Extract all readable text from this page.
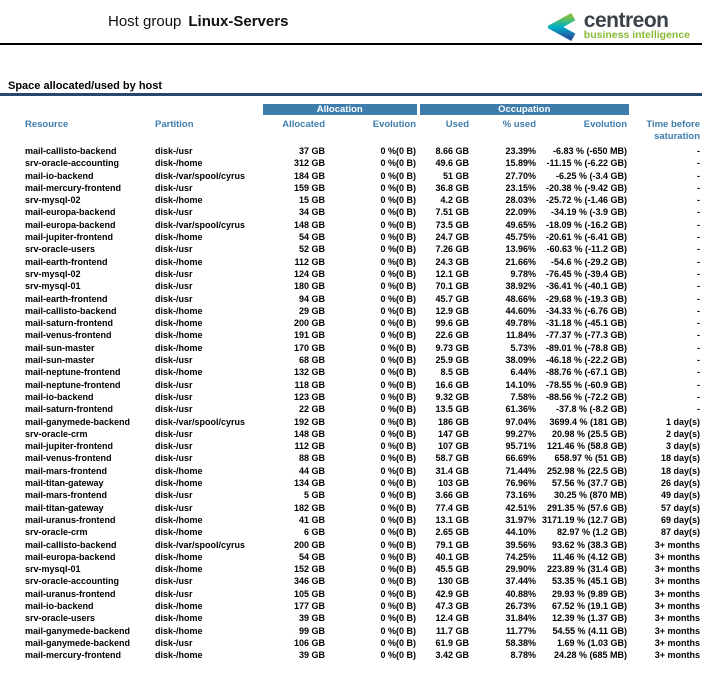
Host group Linux-Servers	centreon
business intelligence
Space allocated/used by host
		Allocation		Occupation			
Resource	Partition	Allocated	Evolution	Used	% used	Evolution	Time before saturation
mail-callisto-backend	disk-/usr	37 GB	0 %(0 B)	8.66 GB	23.39%	-6.83 % (-650 MB)	-
srv-oracle-accounting	disk-/home	312 GB	0 %(0 B)	49.6 GB	15.89%	-11.15 % (-6.22 GB)	-
mail-io-backend	disk-/var/spool/cyrus	184 GB	0 %(0 B)	51 GB	27.70%	-6.25 % (-3.4 GB)	-
mail-mercury-frontend	disk-/usr	159 GB	0 %(0 B)	36.8 GB	23.15%	-20.38 % (-9.42 GB)	-
srv-mysql-02	disk-/home	15 GB	0 %(0 B)	4.2 GB	28.03%	-25.72 % (-1.46 GB)	-
mail-europa-backend	disk-/usr	34 GB	0 %(0 B)	7.51 GB	22.09%	-34.19 % (-3.9 GB)	-
mail-europa-backend	disk-/var/spool/cyrus	148 GB	0 %(0 B)	73.5 GB	49.65%	-18.09 % (-16.2 GB)	-
mail-jupiter-frontend	disk-/home	54 GB	0 %(0 B)	24.7 GB	45.75%	-20.61 % (-6.41 GB)	-
srv-oracle-users	disk-/usr	52 GB	0 %(0 B)	7.26 GB	13.96%	-60.63 % (-11.2 GB)	-
mail-earth-frontend	disk-/home	112 GB	0 %(0 B)	24.3 GB	21.66%	-54.6 % (-29.2 GB)	-
srv-mysql-02	disk-/usr	124 GB	0 %(0 B)	12.1 GB	9.78%	-76.45 % (-39.4 GB)	-
srv-mysql-01	disk-/usr	180 GB	0 %(0 B)	70.1 GB	38.92%	-36.41 % (-40.1 GB)	-
mail-earth-frontend	disk-/usr	94 GB	0 %(0 B)	45.7 GB	48.66%	-29.68 % (-19.3 GB)	-
mail-callisto-backend	disk-/home	29 GB	0 %(0 B)	12.9 GB	44.60%	-34.33 % (-6.76 GB)	-
mail-saturn-frontend	disk-/home	200 GB	0 %(0 B)	99.6 GB	49.78%	-31.18 % (-45.1 GB)	-
mail-venus-frontend	disk-/home	191 GB	0 %(0 B)	22.6 GB	11.84%	-77.37 % (-77.3 GB)	-
mail-sun-master	disk-/home	170 GB	0 %(0 B)	9.73 GB	5.73%	-89.01 % (-78.8 GB)	-
mail-sun-master	disk-/usr	68 GB	0 %(0 B)	25.9 GB	38.09%	-46.18 % (-22.2 GB)	-
mail-neptune-frontend	disk-/home	132 GB	0 %(0 B)	8.5 GB	6.44%	-88.76 % (-67.1 GB)	-
mail-neptune-frontend	disk-/usr	118 GB	0 %(0 B)	16.6 GB	14.10%	-78.55 % (-60.9 GB)	-
mail-io-backend	disk-/usr	123 GB	0 %(0 B)	9.32 GB	7.58%	-88.56 % (-72.2 GB)	-
mail-saturn-frontend	disk-/usr	22 GB	0 %(0 B)	13.5 GB	61.36%	-37.8 % (-8.2 GB)	-
mail-ganymede-backend	disk-/var/spool/cyrus	192 GB	0 %(0 B)	186 GB	97.04%	3699.4 % (181 GB)	1 day(s)
srv-oracle-crm	disk-/usr	148 GB	0 %(0 B)	147 GB	99.27%	20.98 % (25.5 GB)	2 day(s)
mail-jupiter-frontend	disk-/usr	112 GB	0 %(0 B)	107 GB	95.71%	121.46 % (58.8 GB)	3 day(s)
mail-venus-frontend	disk-/usr	88 GB	0 %(0 B)	58.7 GB	66.69%	658.97 % (51 GB)	18 day(s)
mail-mars-frontend	disk-/home	44 GB	0 %(0 B)	31.4 GB	71.44%	252.98 % (22.5 GB)	18 day(s)
mail-titan-gateway	disk-/home	134 GB	0 %(0 B)	103 GB	76.96%	57.56 % (37.7 GB)	26 day(s)
mail-mars-frontend	disk-/usr	5 GB	0 %(0 B)	3.66 GB	73.16%	30.25 % (870 MB)	49 day(s)
mail-titan-gateway	disk-/usr	182 GB	0 %(0 B)	77.4 GB	42.51%	291.35 % (57.6 GB)	57 day(s)
mail-uranus-frontend	disk-/home	41 GB	0 %(0 B)	13.1 GB	31.97%	3171.19 % (12.7 GB)	69 day(s)
srv-oracle-crm	disk-/home	6 GB	0 %(0 B)	2.65 GB	44.10%	82.97 % (1.2 GB)	87 day(s)
mail-callisto-backend	disk-/var/spool/cyrus	200 GB	0 %(0 B)	79.1 GB	39.56%	93.62 % (38.3 GB)	3+ months
mail-europa-backend	disk-/home	54 GB	0 %(0 B)	40.1 GB	74.25%	11.46 % (4.12 GB)	3+ months
srv-mysql-01	disk-/home	152 GB	0 %(0 B)	45.5 GB	29.90%	223.89 % (31.4 GB)	3+ months
srv-oracle-accounting	disk-/usr	346 GB	0 %(0 B)	130 GB	37.44%	53.35 % (45.1 GB)	3+ months
mail-uranus-frontend	disk-/usr	105 GB	0 %(0 B)	42.9 GB	40.88%	29.93 % (9.89 GB)	3+ months
mail-io-backend	disk-/home	177 GB	0 %(0 B)	47.3 GB	26.73%	67.52 % (19.1 GB)	3+ months
srv-oracle-users	disk-/home	39 GB	0 %(0 B)	12.4 GB	31.84%	12.39 % (1.37 GB)	3+ months
mail-ganymede-backend	disk-/home	99 GB	0 %(0 B)	11.7 GB	11.77%	54.55 % (4.11 GB)	3+ months
mail-ganymede-backend	disk-/usr	106 GB	0 %(0 B)	61.9 GB	58.38%	1.69 % (1.03 GB)	3+ months
mail-mercury-frontend	disk-/home	39 GB	0 %(0 B)	3.42 GB	8.78%	24.28 % (685 MB)	3+ months
